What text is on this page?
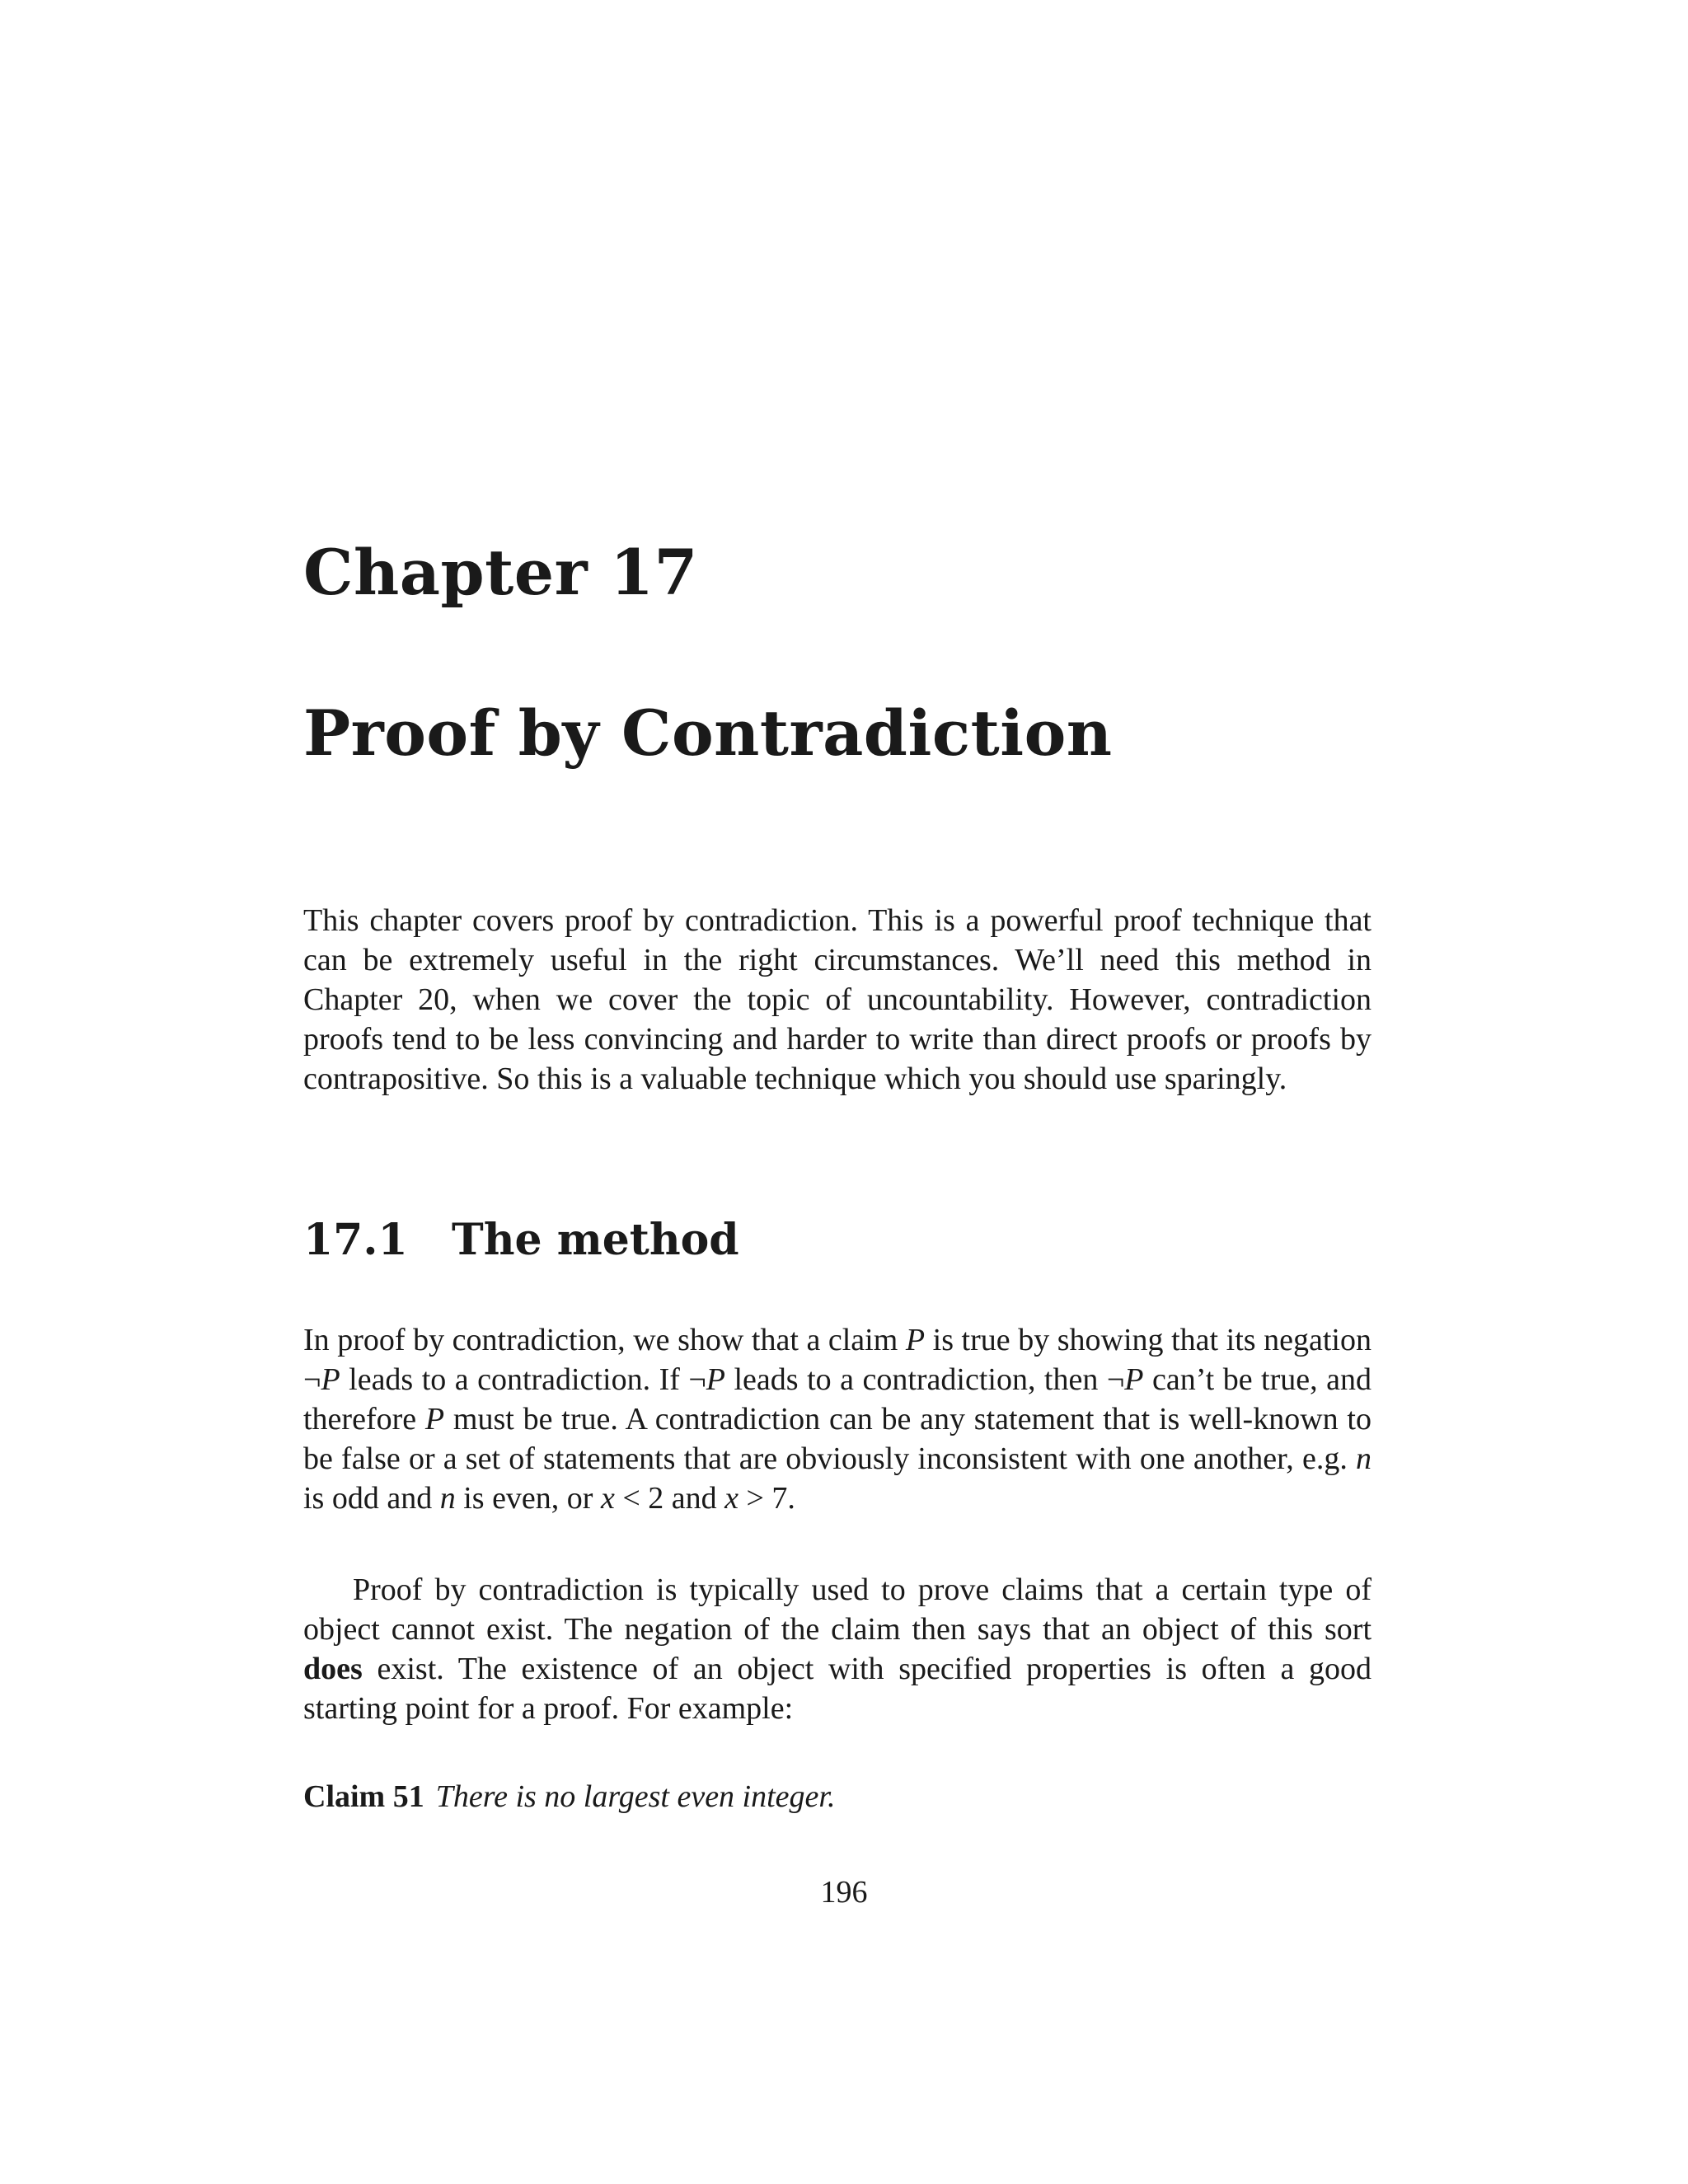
Chapter 17
Proof by Contradiction

This chapter covers proof by contradiction. This is a powerful proof technique that can be extremely useful in the right circumstances. We’ll need this method in Chapter 20, when we cover the topic of uncountability. However, contradiction proofs tend to be less convincing and harder to write than direct proofs or proofs by contrapositive. So this is a valuable technique which you should use sparingly.

17.1 The method

In proof by contradiction, we show that a claim P is true by showing that its negation ¬P leads to a contradiction. If ¬P leads to a contradiction, then ¬P can’t be true, and therefore P must be true. A contradiction can be any statement that is well-known to be false or a set of statements that are obviously inconsistent with one another, e.g. n is odd and n is even, or x < 2 and x > 7.

Proof by contradiction is typically used to prove claims that a certain type of object cannot exist. The negation of the claim then says that an object of this sort does exist. The existence of an object with specified properties is often a good starting point for a proof. For example:

Claim 51 There is no largest even integer.

196
